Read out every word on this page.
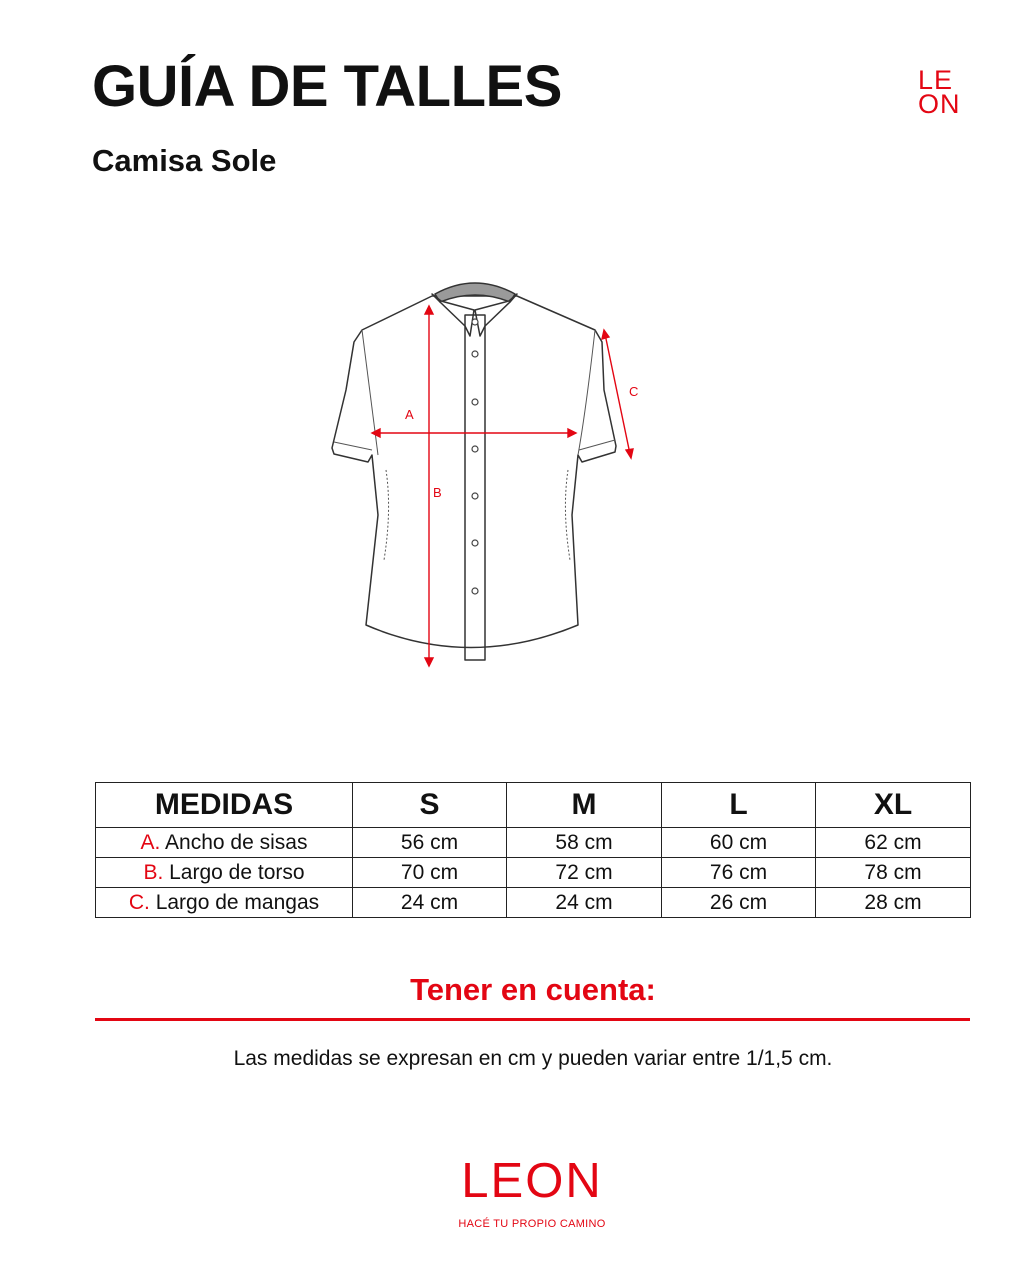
GUÍA DE TALLES
Camisa Sole
LE
ON
A
B
C
MEDIDAS	S	M	L	XL
A. Ancho de sisas	56 cm	58 cm	60 cm	62 cm
B. Largo de torso	70 cm	72 cm	76 cm	78 cm
C. Largo de mangas	24 cm	24 cm	26 cm	28 cm
Tener en cuenta:

Las medidas se expresan en cm y pueden variar entre 1/1,5 cm.

LEON

HACÉ TU PROPIO CAMINO
